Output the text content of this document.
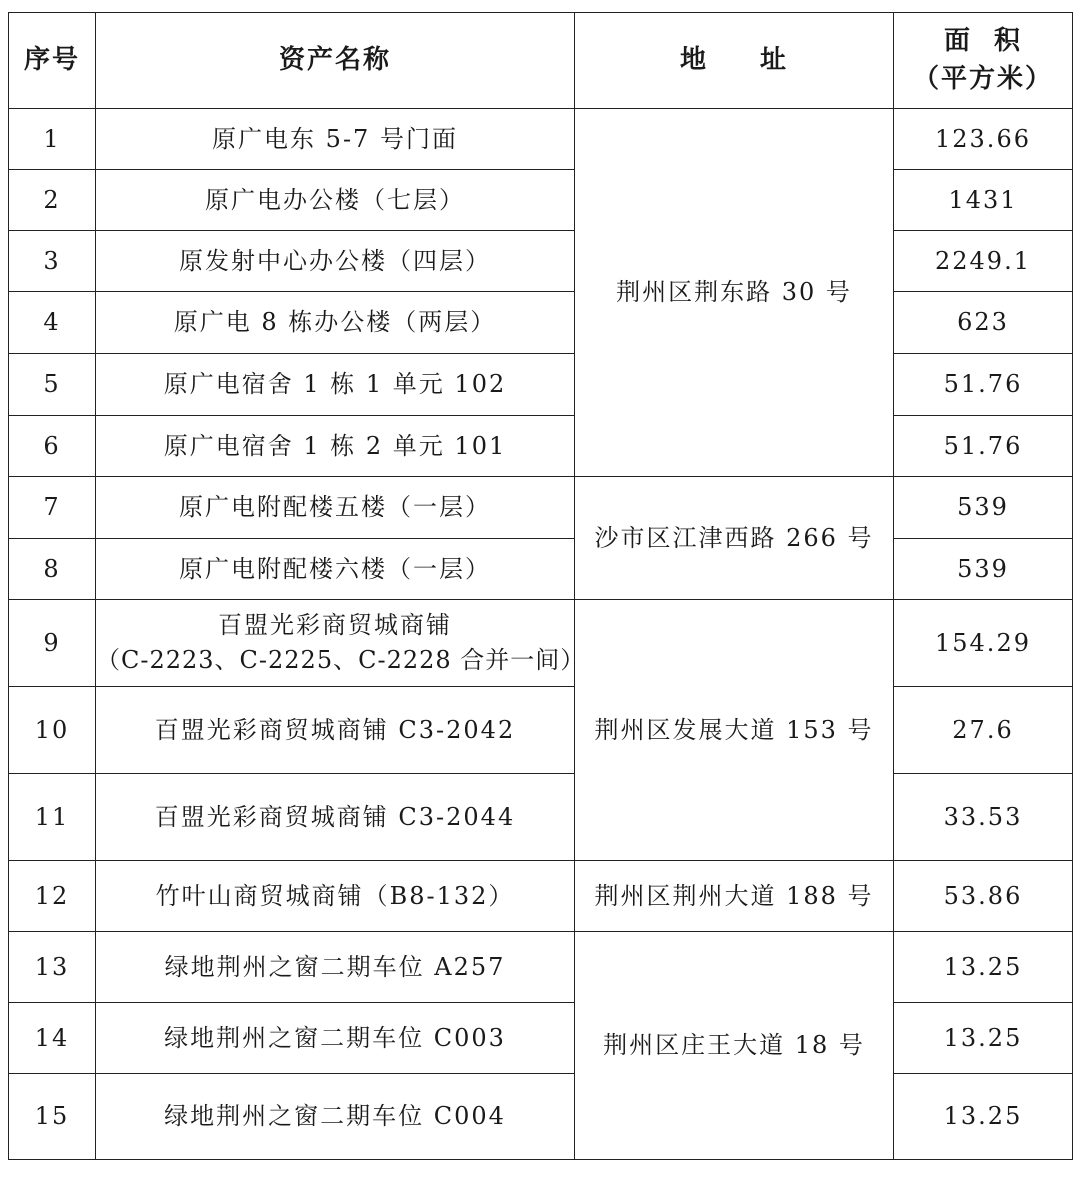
序号	资产名称	地 址	面  积
（平方米）

1	原广电东 5-7 号门面	荆州区荆东路 30 号	123.66
2	原广电办公楼（七层）		1431
3	原发射中心办公楼（四层）		2249.1
4	原广电 8 栋办公楼（两层）		623
5	原广电宿舍 1 栋 1 单元 102		51.76
6	原广电宿舍 1 栋 2 单元 101		51.76
7	原广电附配楼五楼（一层）	沙市区江津西路 266 号	539
8	原广电附配楼六楼（一层）		539
9	百盟光彩商贸城商铺
（C-2223、C-2225、C-2228 合并一间）	荆州区发展大道 153 号	154.29
10	百盟光彩商贸城商铺 C3-2042		27.6
11	百盟光彩商贸城商铺 C3-2044		33.53
12	竹叶山商贸城商铺（B8-132）	荆州区荆州大道 188 号	53.86
13	绿地荆州之窗二期车位 A257	荆州区庄王大道 18 号	13.25
14	绿地荆州之窗二期车位 C003		13.25
15	绿地荆州之窗二期车位 C004		13.25
